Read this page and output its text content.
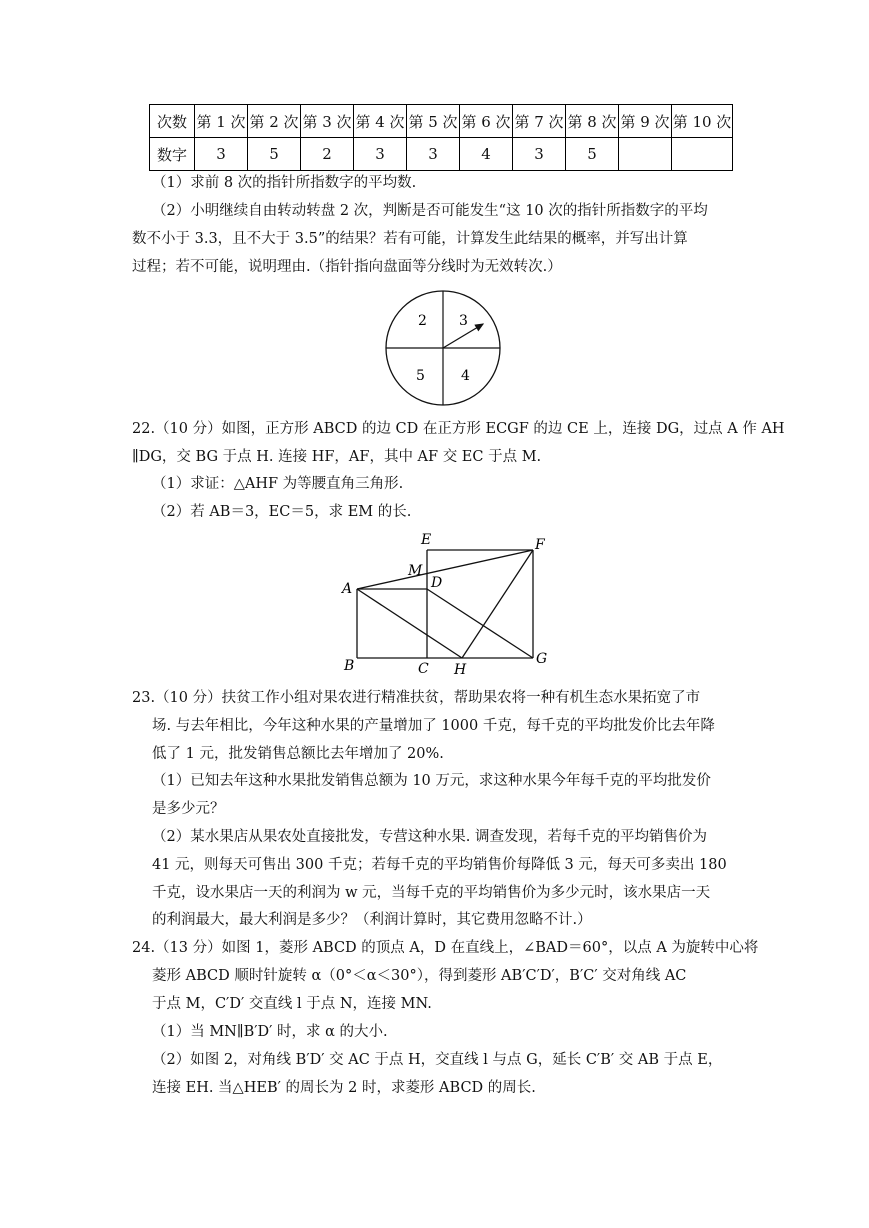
次数	第 1 次	第 2 次	第 3 次	第 4 次	第 5 次	第 6 次	第 7 次	第 8 次	第 9 次	第 10 次
数字	3	5	2	3	3	4	3	5		
（1）求前 8 次的指针所指数字的平均数.
（2）小明继续自由转动转盘 2 次，判断是否可能发生“这 10 次的指针所指数字的平均
数不小于 3.3，且不大于 3.5”的结果？若有可能，计算发生此结果的概率，并写出计算
过程；若不可能，说明理由.（指针指向盘面等分线时为无效转次.）
2 3
5	4
22.（10 分）如图，正方形 ABCD 的边 CD 在正方形 ECGF 的边 CE 上，连接 DG，过点 A 作 AH
∥DG，交 BG 于点 H. 连接 HF，AF，其中 AF 交 EC 于点 M.
（1）求证：△AHF 为等腰直角三角形.
（2）若 AB＝3，EC＝5，求 EM 的长.
A
B	C
D
E	F
G
H
M
23.（10 分）扶贫工作小组对果农进行精准扶贫，帮助果农将一种有机生态水果拓宽了市
场. 与去年相比，今年这种水果的产量增加了 1000 千克，每千克的平均批发价比去年降
低了 1 元，批发销售总额比去年增加了 20%.
（1）已知去年这种水果批发销售总额为 10 万元，求这种水果今年每千克的平均批发价
是多少元？
（2）某水果店从果农处直接批发，专营这种水果. 调查发现，若每千克的平均销售价为
41 元，则每天可售出 300 千克；若每千克的平均销售价每降低 3 元，每天可多卖出 180
千克，设水果店一天的利润为 w 元，当每千克的平均销售价为多少元时，该水果店一天
的利润最大，最大利润是多少？（利润计算时，其它费用忽略不计.）
24.（13 分）如图 1，菱形 ABCD 的顶点 A，D 在直线上，∠BAD＝60°，以点 A 为旋转中心将
菱形 ABCD 顺时针旋转 α（0°＜α＜30°），得到菱形 AB′C′D′，B′C′ 交对角线 AC
于点 M，C′D′ 交直线 l 于点 N，连接 MN.
（1）当 MN∥B′D′ 时，求 α 的大小.
（2）如图 2，对角线 B′D′ 交 AC 于点 H，交直线 l 与点 G，延长 C′B′ 交 AB 于点 E，
连接 EH. 当△HEB′ 的周长为 2 时，求菱形 ABCD 的周长.
